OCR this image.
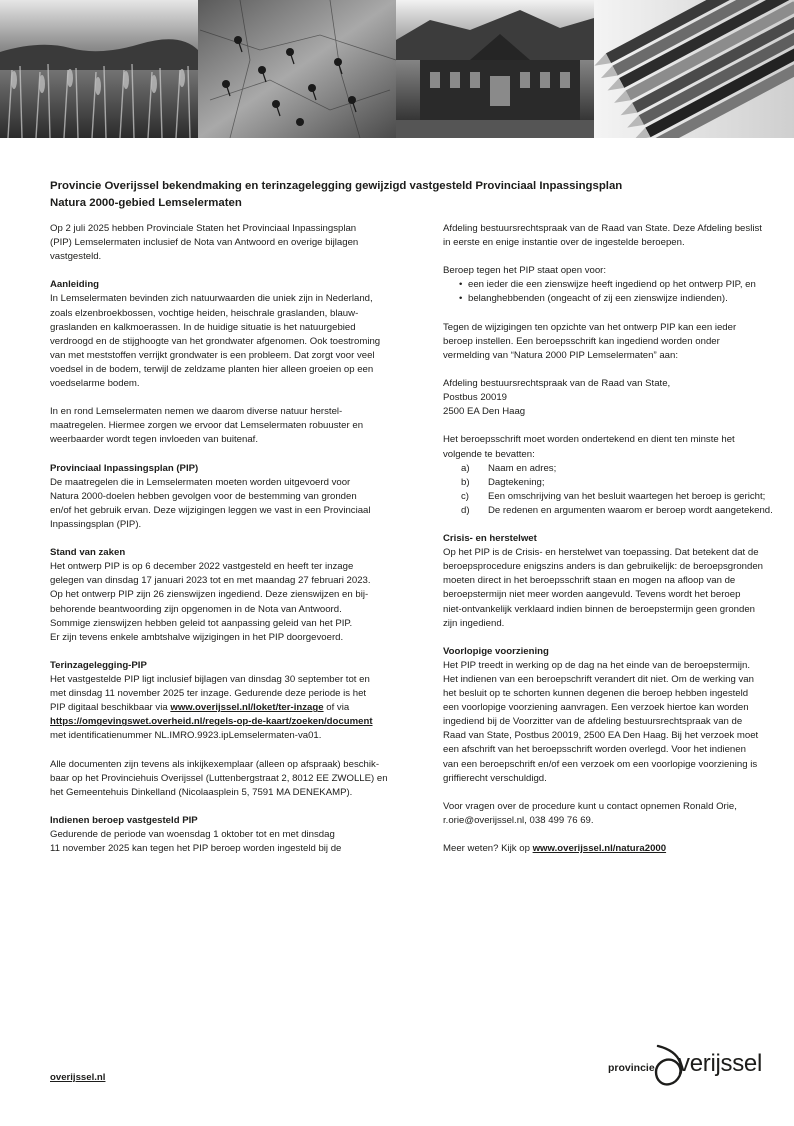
Provincie Overijssel bekendmaking en terinzagelegging gewijzigd vastgesteld Provinciaal Inpassingsplan
Natura 2000-gebied Lemselermaten

Op 2 juli 2025 hebben Provinciale Staten het Provinciaal Inpassingsplan
(PIP) Lemselermaten inclusief de Nota van Antwoord en overige bijlagen
vastgesteld.

Aanleiding

In Lemselermaten bevinden zich natuurwaarden die uniek zijn in Nederland,
zoals elzenbroekbossen, vochtige heiden, heischrale graslanden, blauw-
graslanden en kalkmoerassen. In de huidige situatie is het natuurgebied
verdroogd en de stijghoogte van het grondwater afgenomen. Ook toestroming
van met meststoffen verrijkt grondwater is een probleem. Dat zorgt voor veel
voedsel in de bodem, terwijl de zeldzame planten hier alleen groeien op een
voedselarme bodem.

In en rond Lemselermaten nemen we daarom diverse natuur herstel-
maatregelen. Hiermee zorgen we ervoor dat Lemselermaten robuuster en
weerbaarder wordt tegen invloeden van buitenaf.

Provinciaal Inpassingsplan (PIP)

De maatregelen die in Lemselermaten moeten worden uitgevoerd voor
Natura 2000-doelen hebben gevolgen voor de bestemming van gronden
en/of het gebruik ervan. Deze wijzigingen leggen we vast in een Provinciaal
Inpassingsplan (PIP).

Stand van zaken

Het ontwerp PIP is op 6 december 2022 vastgesteld en heeft ter inzage
gelegen van dinsdag 17 januari 2023 tot en met maandag 27 februari 2023.
Op het ontwerp PIP zijn 26 zienswijzen ingediend. Deze zienswijzen en bij-
behorende beantwoording zijn opgenomen in de Nota van Antwoord.
Sommige zienswijzen hebben geleid tot aanpassing geleid van het PIP.
Er zijn tevens enkele ambtshalve wijzigingen in het PIP doorgevoerd.

Terinzagelegging-PIP

Het vastgestelde PIP ligt inclusief bijlagen van dinsdag 30 september tot en
met dinsdag 11 november 2025 ter inzage. Gedurende deze periode is het
PIP digitaal beschikbaar via www.overijssel.nl/loket/ter-inzage of via
https://omgevingswet.overheid.nl/regels-op-de-kaart/zoeken/document
met identificatienummer NL.IMRO.9923.ipLemselermaten-va01.

Alle documenten zijn tevens als inkijkexemplaar (alleen op afspraak) beschik-
baar op het Provinciehuis Overijssel (Luttenbergstraat 2, 8012 EE ZWOLLE) en
het Gemeentehuis Dinkelland (Nicolaasplein 5, 7591 MA DENEKAMP).

Indienen beroep vastgesteld PIP

Gedurende de periode van woensdag 1 oktober tot en met dinsdag
11 november 2025 kan tegen het PIP beroep worden ingesteld bij de

Afdeling bestuursrechtspraak van de Raad van State. Deze Afdeling beslist
in eerste en enige instantie over de ingestelde beroepen.

Beroep tegen het PIP staat open voor:
• een ieder die een zienswijze heeft ingediend op het ontwerp PIP, en
• belanghebbenden (ongeacht of zij een zienswijze indienden).

Tegen de wijzigingen ten opzichte van het ontwerp PIP kan een ieder
beroep instellen. Een beroepsschrift kan ingediend worden onder
vermelding van “Natura 2000 PIP Lemselermaten” aan:

Afdeling bestuursrechtspraak van de Raad van State,
Postbus 20019
2500 EA Den Haag

Het beroepsschrift moet worden ondertekend en dient ten minste het
volgende te bevatten:
a) Naam en adres;
b) Dagtekening;
c) Een omschrijving van het besluit waartegen het beroep is gericht;
d) De redenen en argumenten waarom er beroep wordt aangetekend.
Crisis- en herstelwet

Op het PIP is de Crisis- en herstelwet van toepassing. Dat betekent dat de
beroepsprocedure enigszins anders is dan gebruikelijk: de beroepsgronden
moeten direct in het beroepsschrift staan en mogen na afloop van de
beroepstermijn niet meer worden aangevuld. Tevens wordt het beroep
niet-ontvankelijk verklaard indien binnen de beroepstermijn geen gronden
zijn ingediend.

Voorlopige voorziening

Het PIP treedt in werking op de dag na het einde van de beroepstermijn.
Het indienen van een beroepschrift verandert dit niet. Om de werking van
het besluit op te schorten kunnen degenen die beroep hebben ingesteld
een voorlopige voorziening aanvragen. Een verzoek hiertoe kan worden
ingediend bij de Voorzitter van de afdeling bestuursrechtspraak van de
Raad van State, Postbus 20019, 2500 EA Den Haag. Bij het verzoek moet
een afschrift van het beroepsschrift worden overlegd. Voor het indienen
van een beroepschrift en/of een verzoek om een voorlopige voorziening is
griffierecht verschuldigd.

Voor vragen over de procedure kunt u contact opnemen Ronald Orie,
r.orie@overijssel.nl, 038 499 76 69.

Meer weten? Kijk op www.overijssel.nl/natura2000

overijssel.nl
provincie verijssel
